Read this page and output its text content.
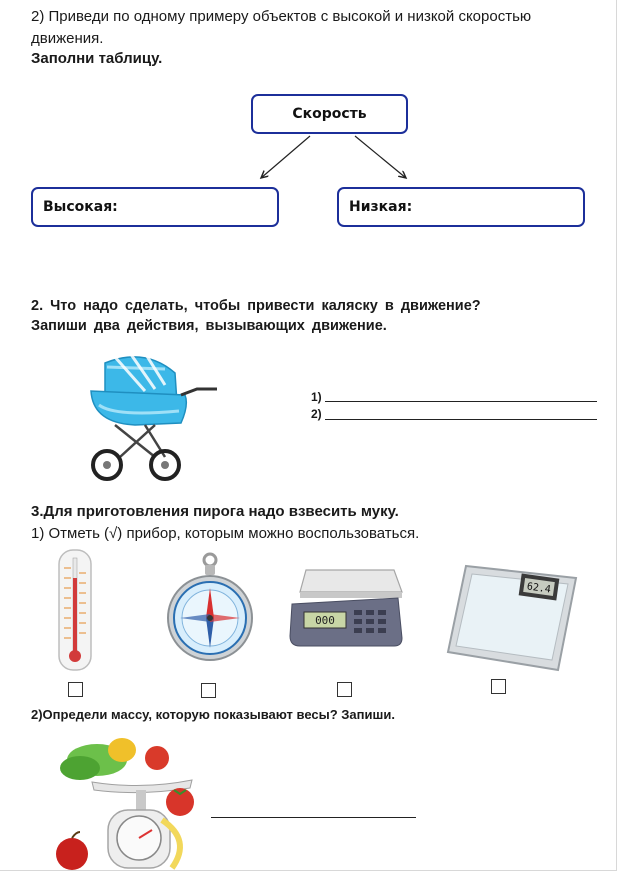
2) Приведи по одному примеру объектов с высокой и низкой скоростью
движения.
Заполни таблицу.
Скорость
Высокая:	Низкая:
2. Что надо сделать, чтобы привести каляску в движение?
Запиши два действия, вызывающих движение.
1)
2)
3.Для приготовления пирога надо взвесить муку.
1) Отметь (√) прибор, которым можно воспользоваться.
000
62.4
2)Определи массу, которую показывают весы? Запиши.
